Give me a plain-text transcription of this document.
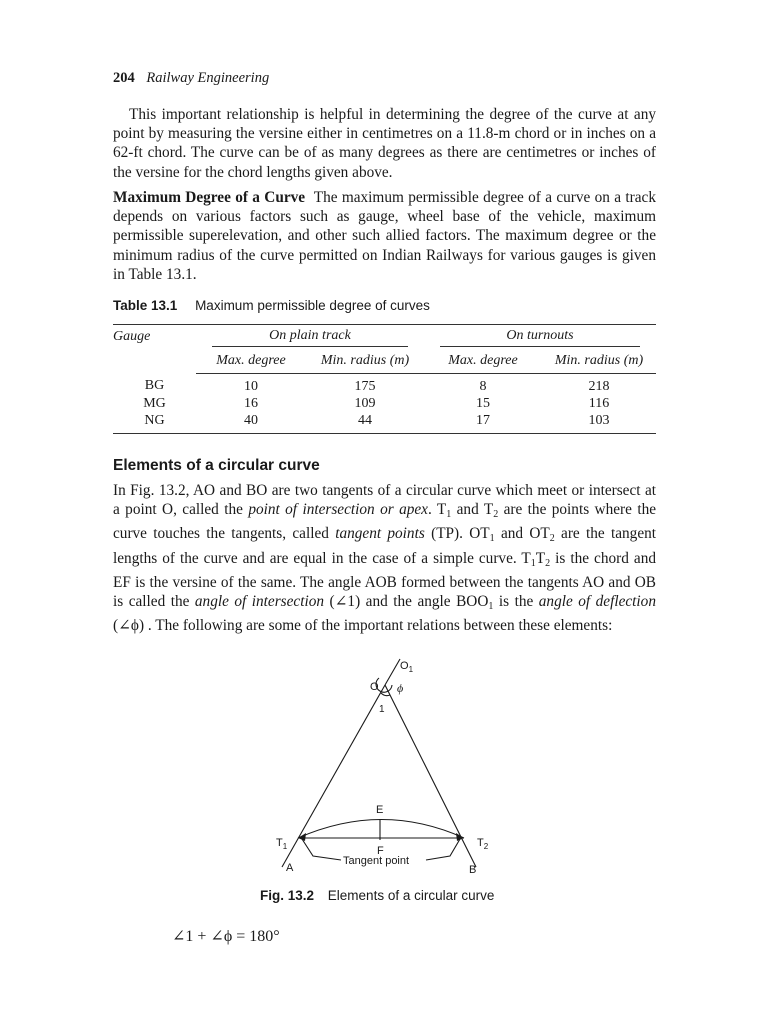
204 Railway Engineering

This important relationship is helpful in determining the degree of the curve at any point by measuring the versine either in centimetres on a 11.8-m chord or in inches on a 62-ft chord. The curve can be of as many degrees as there are centimetres or inches of the versine for the chord lengths given above.

Maximum Degree of a Curve The maximum permissible degree of a curve on a track depends on various factors such as gauge, wheel base of the vehicle, maximum permissible superelevation, and other such allied factors. The maximum degree or the minimum radius of the curve permitted on Indian Railways for various gauges is given in Table 13.1.

Table 13.1 Maximum permissible degree of curves
Gauge	On plain track		On turnouts	

	Max. degree	Min. radius (m)	Max. degree	Min. radius (m)
BG	10	175	8	218
MG	16	109	15	116
NG	40	44	17	103
Elements of a circular curve

In Fig. 13.2, AO and BO are two tangents of a circular curve which meet or intersect at a point O, called the point of intersection or apex. $T_1$ and $T_2$ are the points where the curve touches the tangents, called tangent points (TP). $OT_1$ and $OT_2$ are the tangent lengths of the curve and are equal in the case of a simple curve. $T_1T_2$ is the chord and EF is the versine of the same. The angle AOB formed between the tangents AO and OB is called the angle of intersection (∠1) and the angle $BOO_1$ is the angle of deflection (∠ϕ) . The following are some of the important relations between these elements:

O
$O_1$
ϕ
1
E
F
$T_1$	$T_2$
A	B
Tangent point
Fig. 13.2 Elements of a circular curve
∠1 + ∠ϕ = 180°
